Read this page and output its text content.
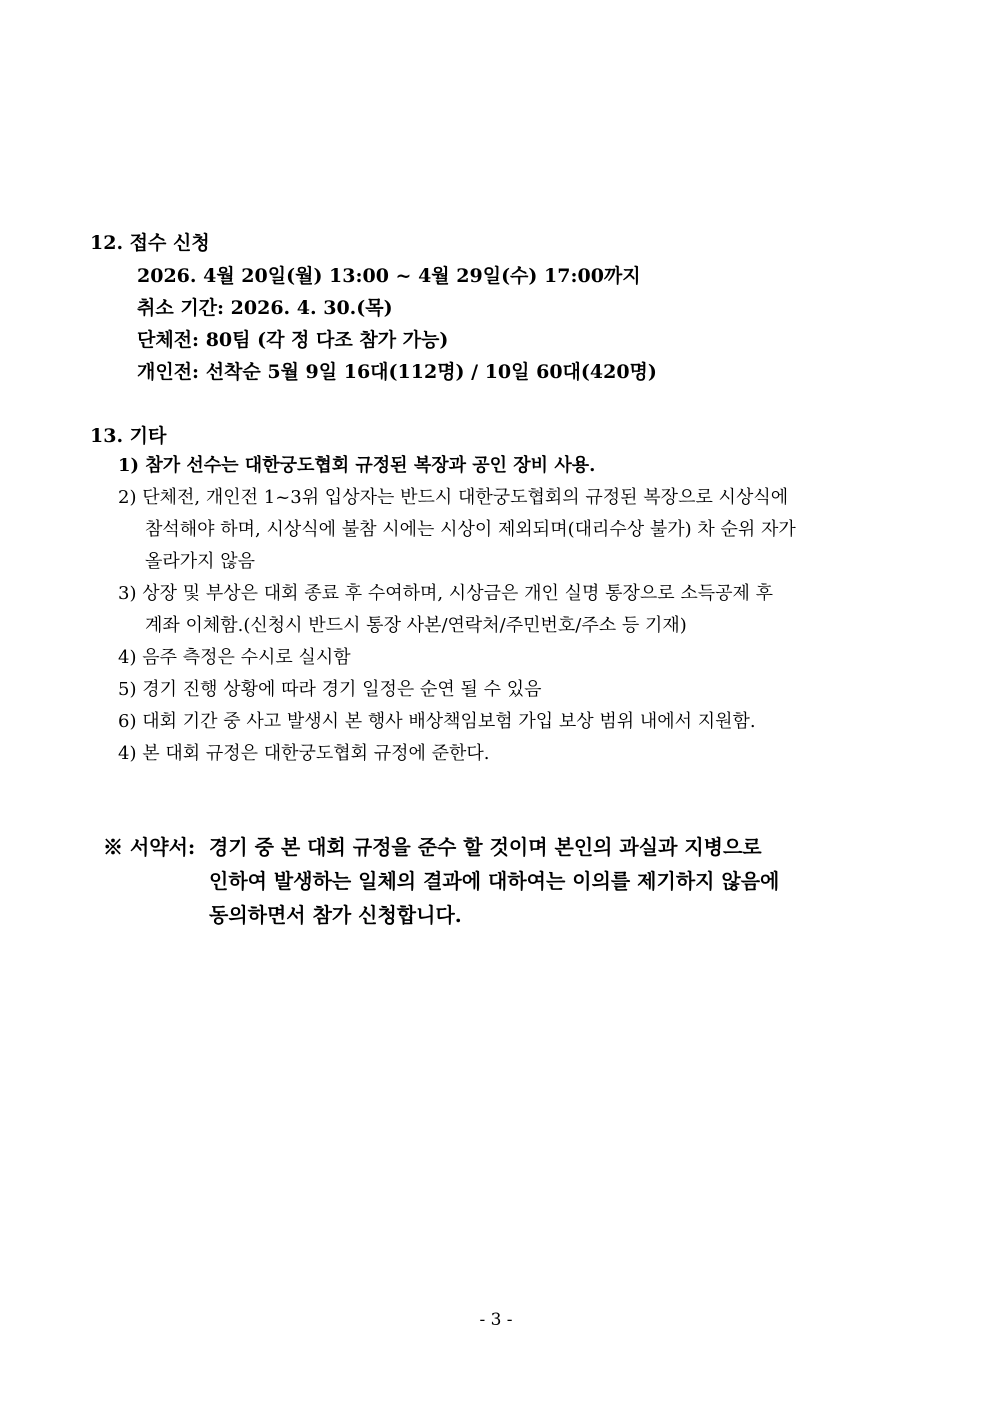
12. 접수 신청
2026. 4월 20일(월) 13:00 ~ 4월 29일(수) 17:00까지
취소 기간: 2026. 4. 30.(목)
단체전: 80팀 (각 정 다조 참가 가능)
개인전: 선착순 5월 9일 16대(112명) / 10일 60대(420명)
13. 기타
1) 참가 선수는 대한궁도협회 규정된 복장과 공인 장비 사용.
2) 단체전, 개인전 1~3위 입상자는 반드시 대한궁도협회의 규정된 복장으로 시상식에
참석해야 하며, 시상식에 불참 시에는 시상이 제외되며(대리수상 불가) 차 순위 자가
올라가지 않음
3) 상장 및 부상은 대회 종료 후 수여하며, 시상금은 개인 실명 통장으로 소득공제 후
계좌 이체함.(신청시 반드시 통장 사본/연락처/주민번호/주소 등 기재)
4) 음주 측정은 수시로 실시함
5) 경기 진행 상황에 따라 경기 일정은 순연 될 수 있음
6) 대회 기간 중 사고 발생시 본 행사 배상책임보험 가입 보상 범위 내에서 지원함.
4) 본 대회 규정은 대한궁도협회 규정에 준한다.
※ 서약서: 경기 중 본 대회 규정을 준수 할 것이며 본인의 과실과 지병으로
인하여 발생하는 일체의 결과에 대하여는 이의를 제기하지 않음에
동의하면서 참가 신청합니다.
- 3 -
